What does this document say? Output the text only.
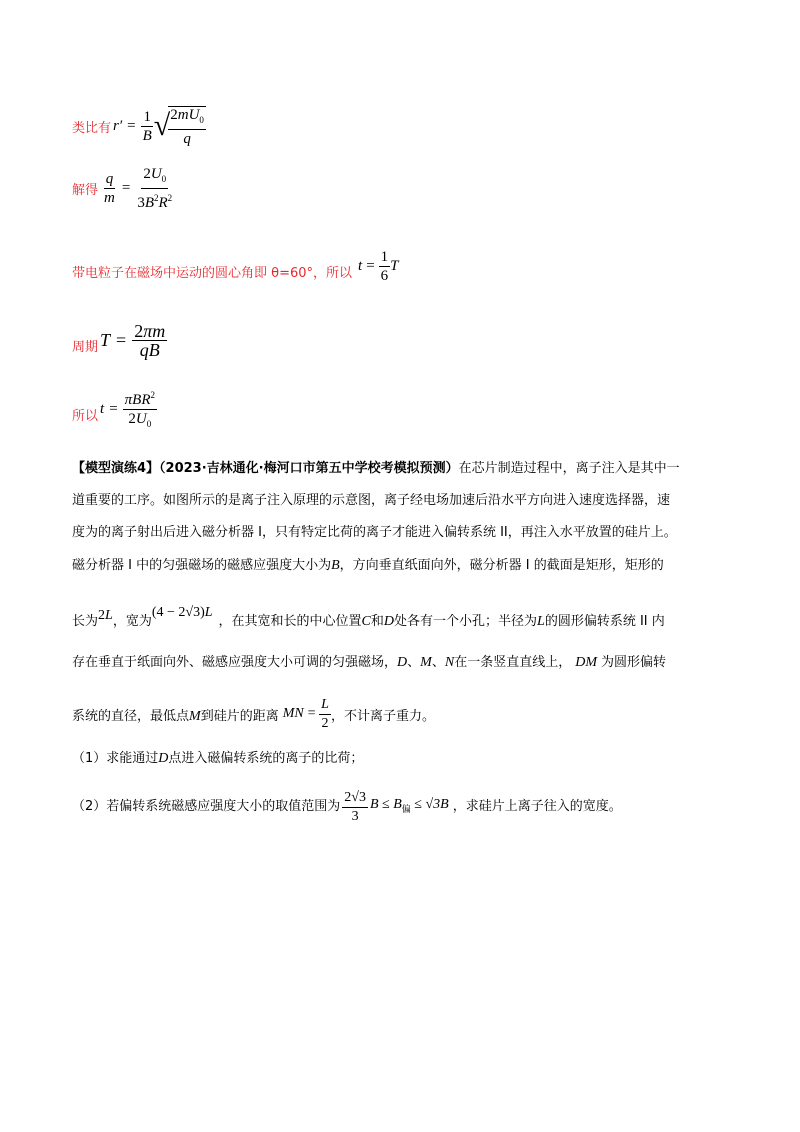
类比有 $r' = \frac{1}{B}$ √
$\frac{2mU_0}{q}$
解得 $\frac{q}{m} = \frac{2U_0}{3B^2R^2}$
带电粒子在磁场中运动的圆心角即 θ=60°，所以 $t = \frac{1}{6}$ T
周期 $T = \frac{2\pi m}{qB}$
所以 $t = \frac{\pi BR^2}{2U_0}$
【模型演练4】（2023·吉林通化·梅河口市第五中学校考模拟预测）在芯片制造过程中，离子注入是其中一
道重要的工序。如图所示的是离子注入原理的示意图，离子经电场加速后沿水平方向进入速度选择器，速
度为的离子射出后进入磁分析器 I，只有特定比荷的离子才能进入偏转系统 II，再注入水平放置的硅片上。
磁分析器 I 中的匀强磁场的磁感应强度大小为B，方向垂直纸面向外，磁分析器 I 的截面是矩形，矩形的
长为 2L ，宽为
(4 − 2√3)L
，在其宽和长的中心位置 C 和 D 处各有一个小孔；半径为 L 的圆形偏转系统 II 内
存在垂直于纸面向外、磁感应强度大小可调的匀强磁场， D 、 M 、 N 在一条竖直直线上， DM 为圆形偏转
系统的直径，最低点 M 到硅片的距离 MN = $\frac{L}{2}$ ，不计离子重力。
（1）求能通过D点进入磁偏转系统的离子的比荷；
（2）若偏转系统磁感应强度大小的取值范围为 $\frac{2√3}{3}$ $B \le B_偏 \le √3B$ ，求硅片上离子往入的宽度。
